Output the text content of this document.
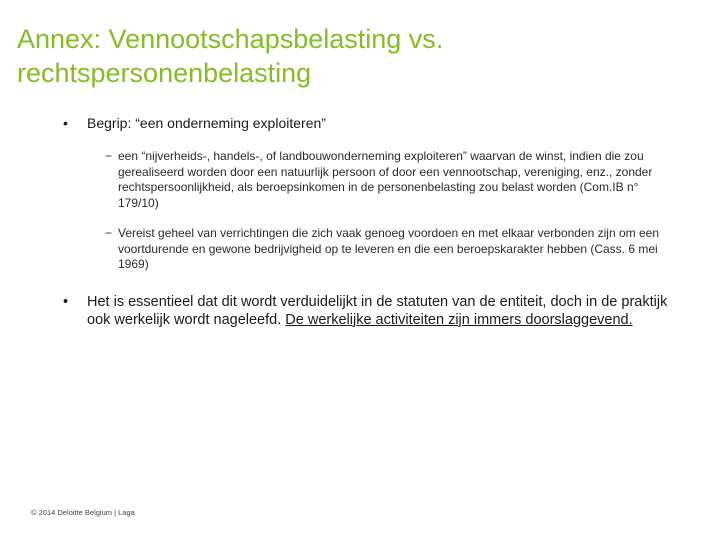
Annex: Vennootschapsbelasting vs.
rechtspersonenbelasting
• Begrip: “een onderneming exploiteren”
− een “nijverheids-, handels-, of landbouwonderneming exploiteren” waarvan de winst, indien die zou gerealiseerd worden door een natuurlijk persoon of door een vennootschap, vereniging, enz., zonder rechtspersoonlijkheid, als beroepsinkomen in de personenbelasting zou belast worden (Com.IB n° 179/10)
− Vereist geheel van verrichtingen die zich vaak genoeg voordoen en met elkaar verbonden zijn om een voortdurende en gewone bedrijvigheid op te leveren en die een beroepskarakter hebben (Cass. 6 mei 1969)
• Het is essentieel dat dit wordt verduidelijkt in de statuten van de entiteit, doch in de praktijk ook werkelijk wordt nageleefd. De werkelijke activiteiten zijn immers doorslaggevend.
© 2014 Deloitte Belgium | Laga
